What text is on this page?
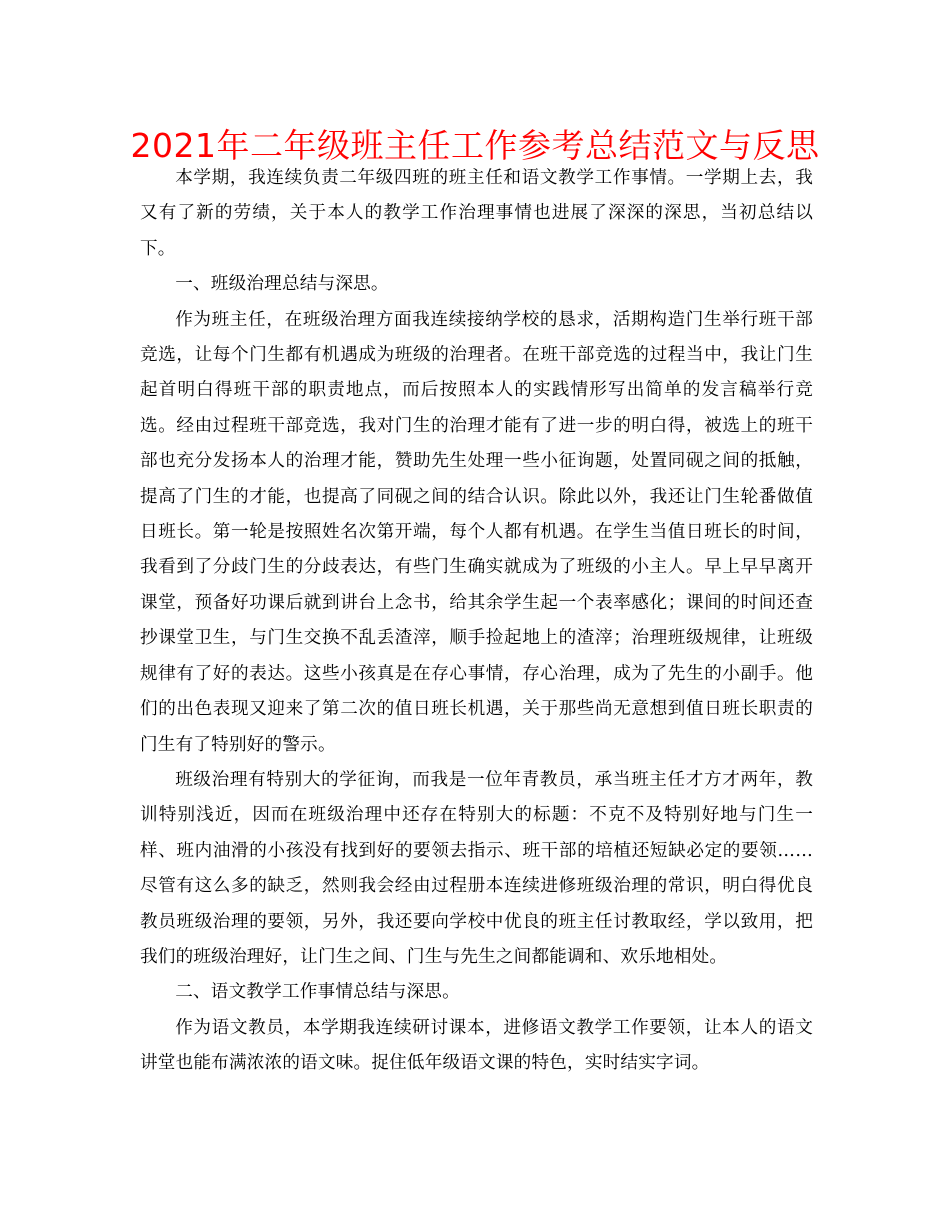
2021年二年级班主任工作参考总结范文与反思

本学期，我连续负责二年级四班的班主任和语文教学工作事情。一学期上去，我又有了新的劳绩，关于本人的教学工作治理事情也进展了深深的深思，当初总结以下。

一、班级治理总结与深思。

作为班主任，在班级治理方面我连续接纳学校的恳求，活期构造门生举行班干部竞选，让每个门生都有机遇成为班级的治理者。在班干部竞选的过程当中，我让门生起首明白得班干部的职责地点，而后按照本人的实践情形写出简单的发言稿举行竞选。经由过程班干部竞选，我对门生的治理才能有了进一步的明白得，被选上的班干部也充分发扬本人的治理才能，赞助先生处理一些小征询题，处置同砚之间的抵触，提高了门生的才能，也提高了同砚之间的结合认识。除此以外，我还让门生轮番做值日班长。第一轮是按照姓名次第开端，每个人都有机遇。在学生当值日班长的时间，我看到了分歧门生的分歧表达，有些门生确实就成为了班级的小主人。早上早早离开课堂，预备好功课后就到讲台上念书，给其余学生起一个表率感化；课间的时间还查抄课堂卫生，与门生交换不乱丢渣滓，顺手捡起地上的渣滓；治理班级规律，让班级规律有了好的表达。这些小孩真是在存心事情，存心治理，成为了先生的小副手。他们的出色表现又迎来了第二次的值日班长机遇，关于那些尚无意想到值日班长职责的门生有了特别好的警示。

班级治理有特别大的学征询，而我是一位年青教员，承当班主任才方才两年，教训特别浅近，因而在班级治理中还存在特别大的标题：不克不及特别好地与门生一样、班内油滑的小孩没有找到好的要领去指示、班干部的培植还短缺必定的要领……尽管有这么多的缺乏，然则我会经由过程册本连续进修班级治理的常识，明白得优良教员班级治理的要领，另外，我还要向学校中优良的班主任讨教取经，学以致用，把我们的班级治理好，让门生之间、门生与先生之间都能调和、欢乐地相处。

二、语文教学工作事情总结与深思。

作为语文教员，本学期我连续研讨课本，进修语文教学工作要领，让本人的语文讲堂也能布满浓浓的语文味。捉住低年级语文课的特色，实时结实字词。
